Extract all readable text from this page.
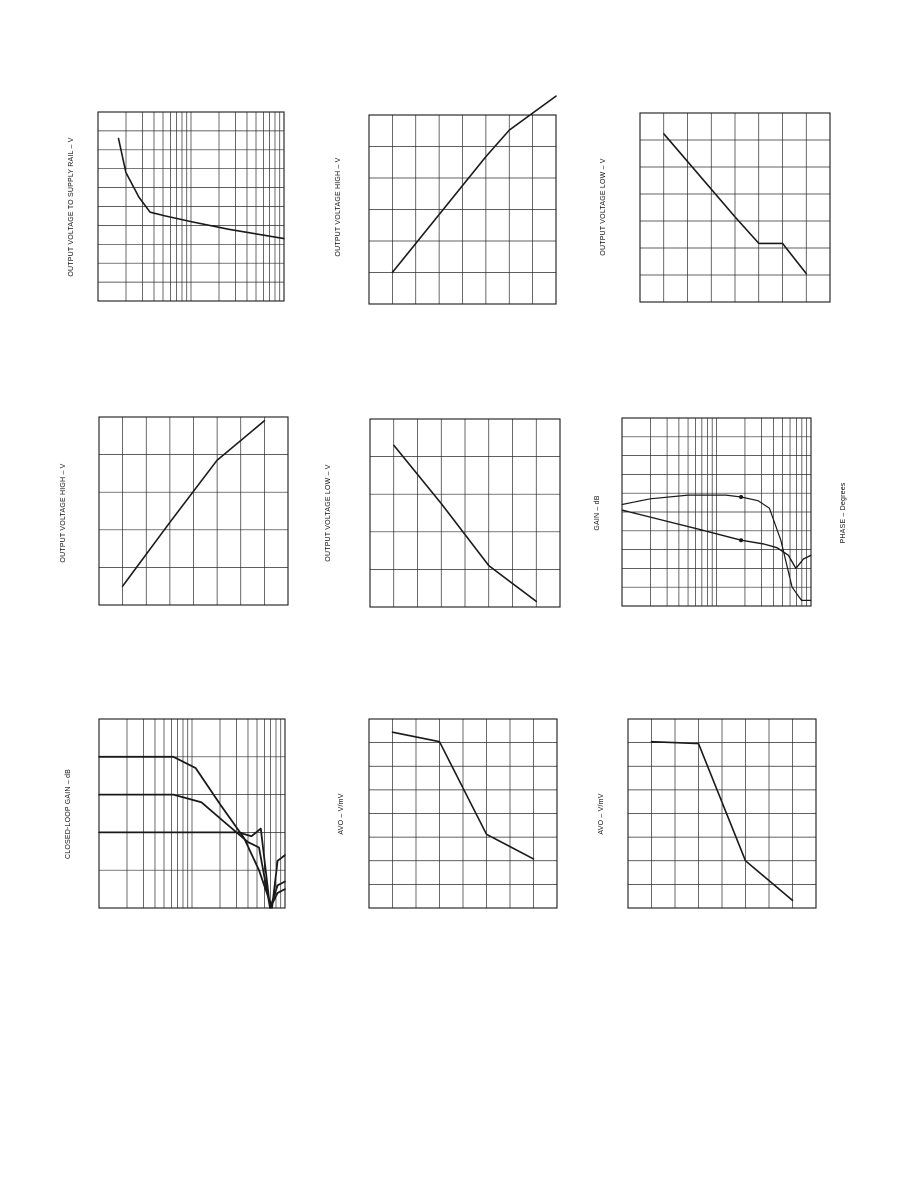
OUTPUT VOLTAGE TO SUPPLY RAIL – V	OUTPUT VOLTAGE HIGH – V	OUTPUT VOLTAGE LOW – V
OUTPUT VOLTAGE HIGH – V	OUTPUT VOLTAGE LOW – V	GAIN – dB	PHASE – Degrees
CLOSED-LOOP GAIN – dB	AVO – V/mV	AVO – V/mV
